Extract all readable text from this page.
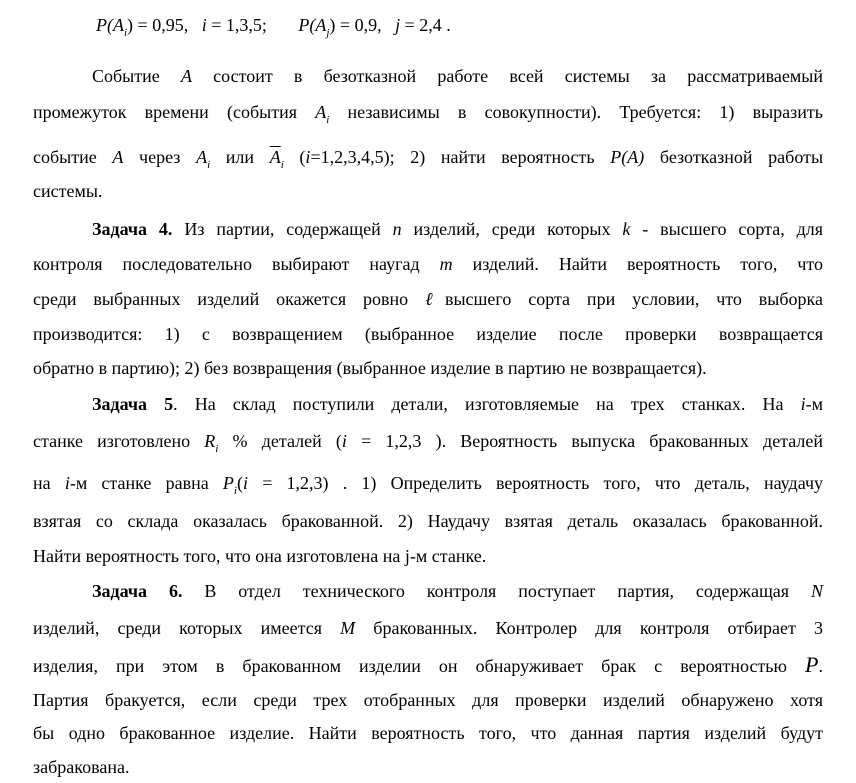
$P(A_i) = 0,95$, i = 1,3,5; $P(A_j) = 0,9$, j = 2,4 .
Событие A состоит в безотказной работе всей системы за рассматриваемый
промежуток времени (события $A_i$ независимы в совокупности). Требуется: 1) выразить
событие A через $A_i$ или $\overline{A}_i$ (i=1,2,3,4,5); 2) найти вероятность P(A) безотказной работы
системы.
Задача 4. Из партии, содержащей n изделий, среди которых k - высшего сорта, для
контроля последовательно выбирают наугад m изделий. Найти вероятность того, что
среди выбранных изделий окажется ровно ℓвысшего сорта при условии, что выборка
производится: 1) с возвращением (выбранное изделие после проверки возвращается
обратно в партию); 2) без возвращения (выбранное изделие в партию не возвращается).
Задача 5. На склад поступили детали, изготовляемые на трех станках. На i-м
станке изготовлено $R_i$ % деталей (i = 1,2,3 ). Вероятность выпуска бракованных деталей
на i-м станке равна $P_i(i = 1,2,3)$ . 1) Определить вероятность того, что деталь, наудачу
взятая со склада оказалась бракованной. 2) Наудачу взятая деталь оказалась бракованной.
Найти вероятность того, что она изготовлена на j-м станке.
Задача 6. В отдел технического контроля поступает партия, содержащая N
изделий, среди которых имеется M бракованных. Контролер для контроля отбирает 3
изделия, при этом в бракованном изделии он обнаруживает брак с вероятностью P.
Партия бракуется, если среди трех отобранных для проверки изделий обнаружено хотя
бы одно бракованное изделие. Найти вероятность того, что данная партия изделий будут
забракована.
